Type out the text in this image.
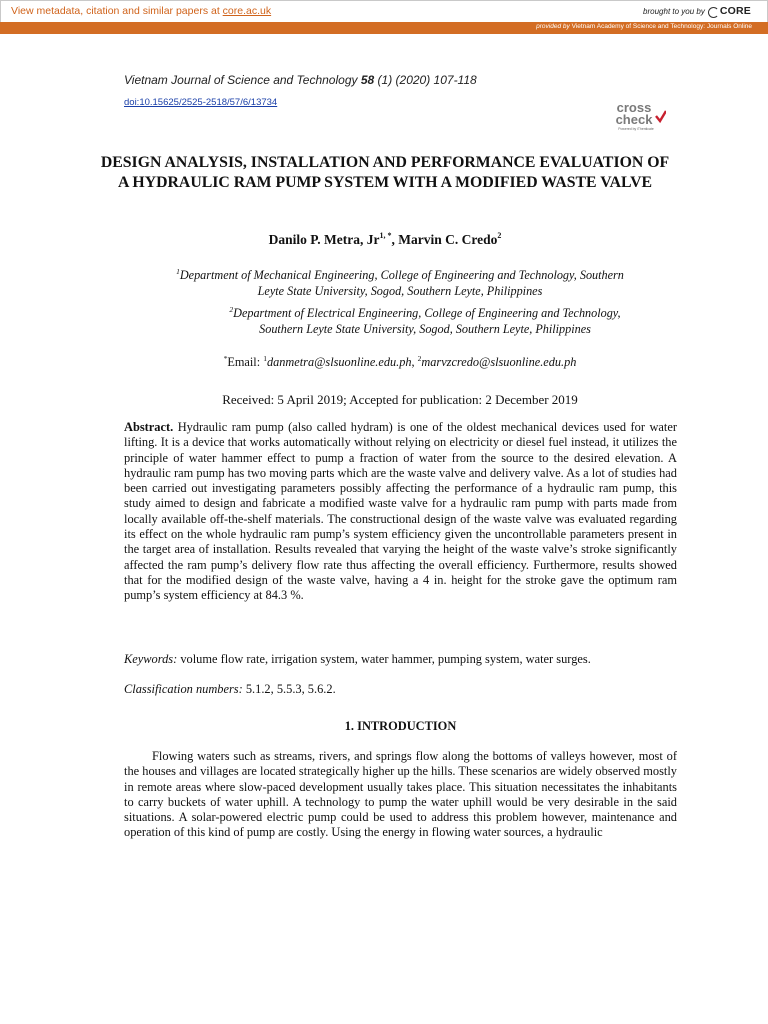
View metadata, citation and similar papers at core.ac.uk	brought to you by CORE
provided by Vietnam Academy of Science and Technology: Journals Online
Vietnam Journal of Science and Technology 58 (1) (2020) 107-118
doi:10.15625/2525-2518/57/6/13734	cross
check
Powered by iThenticate
DESIGN ANALYSIS, INSTALLATION AND PERFORMANCE EVALUATION OF A HYDRAULIC RAM PUMP SYSTEM WITH A MODIFIED WASTE VALVE
Danilo P. Metra, $Jr^{1, *}$, Marvin C. Credo$^2$
$^1$Department of Mechanical Engineering, College of Engineering and Technology, Southern
Leyte State University, Sogod, Southern Leyte, Philippines
$^2$Department of Electrical Engineering, College of Engineering and Technology,
Southern Leyte State University, Sogod, Southern Leyte, Philippines
*Email: $^1$danmetra@slsuonline.edu.ph, $^2$marvzcredo@slsuonline.edu.ph
Received: 5 April 2019; Accepted for publication: 2 December 2019
Abstract. Hydraulic ram pump (also called hydram) is one of the oldest mechanical devices used for water lifting. It is a device that works automatically without relying on electricity or diesel fuel instead, it utilizes the principle of water hammer effect to pump a fraction of water from the source to the desired elevation. A hydraulic ram pump has two moving parts which are the waste valve and delivery valve. As a lot of studies had been carried out investigating parameters possibly affecting the performance of a hydraulic ram pump, this study aimed to design and fabricate a modified waste valve for a hydraulic ram pump with parts made from locally available off-the-shelf materials. The constructional design of the waste valve was evaluated regarding its effect on the whole hydraulic ram pump’s system efficiency given the uncontrollable parameters present in the target area of installation. Results revealed that varying the height of the waste valve’s stroke significantly affected the ram pump’s delivery flow rate thus affecting the overall efficiency. Furthermore, results showed that for the modified design of the waste valve, having a 4 in. height for the stroke gave the optimum ram pump’s system efficiency at 84.3 %.
Keywords: volume flow rate, irrigation system, water hammer, pumping system, water surges.
Classification numbers: 5.1.2, 5.5.3, 5.6.2.
1. INTRODUCTION
Flowing waters such as streams, rivers, and springs flow along the bottoms of valleys however, most of the houses and villages are located strategically higher up the hills. These scenarios are widely observed mostly in remote areas where slow-paced development usually takes place. This situation necessitates the inhabitants to carry buckets of water uphill. A technology to pump the water uphill would be very desirable in the said situations. A solar-powered electric pump could be used to address this problem however, maintenance and operation of this kind of pump are costly. Using the energy in flowing water sources, a hydraulic
